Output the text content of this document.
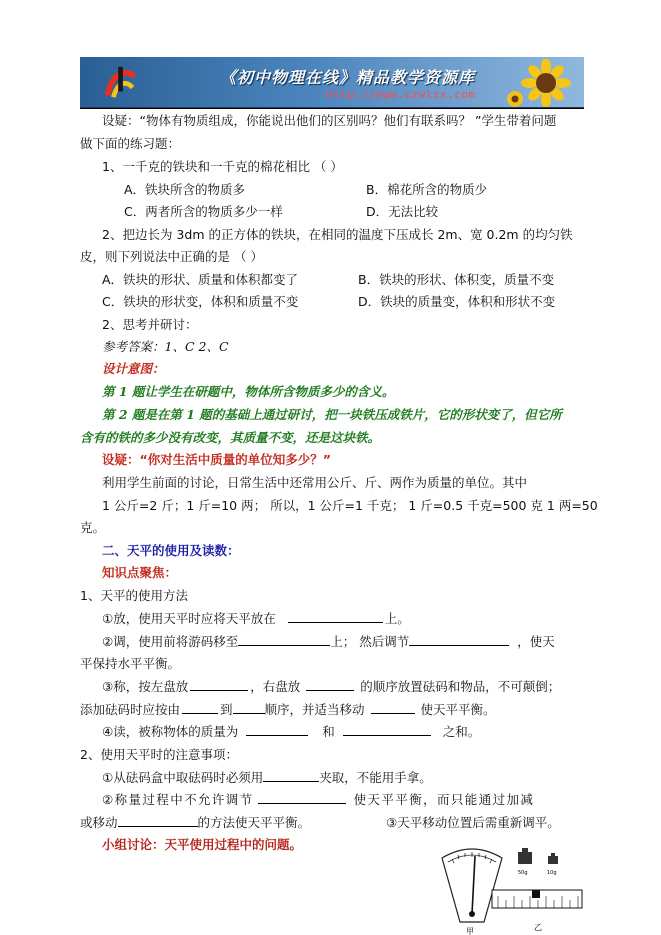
《初中物理在线》精品教学资源库
http://www.czwlzx.com
设疑：“物体有物质组成，你能说出他们的区别吗？他们有联系吗？ ”学生带着问题
做下面的练习题：
1、一千克的铁块和一千克的棉花相比 （ ）
A．铁块所含的物质多	B．棉花所含的物质少
C．两者所含的物质多少一样	D．无法比较
2、把边长为 3dm 的正方体的铁块，在相同的温度下压成长 2m、宽 0.2m 的均匀铁
皮，则下列说法中正确的是 （ ）
A．铁块的形状、质量和体积都变了	B．铁块的形状、体积变，质量不变
C．铁块的形状变，体积和质量不变	D．铁块的质量变，体积和形状不变
2、思考并研讨：
参考答案：1、C 2、C
设计意图：
第 1 题让学生在研题中，物体所含物质多少的含义。
第 2 题是在第 1 题的基础上通过研讨，把一块铁压成铁片，它的形状变了，但它所
含有的铁的多少没有改变，其质量不变，还是这块铁。
设疑：“你对生活中质量的单位知多少？”
利用学生前面的讨论，日常生活中还常用公斤、斤、两作为质量的单位。其中
1 公斤=2 斤；1 斤=10 两； 所以，1 公斤=1 千克； 1 斤=0.5 千克=500 克 1 两=50
克。
二、天平的使用及读数：
知识点聚焦：
1、天平的使用方法
①放，使用天平时应将天平放在	上。
②调，使用前将游码移至	上； 然后调节	，使天
平保持水平平衡。
③称，按左盘放	，右盘放	的顺序放置砝码和物品，不可颠倒；
添加砝码时应按由	到	顺序，并适当移动	使天平平衡。
④读，被称物体的质量为	和	之和。
2、使用天平时的注意事项：
①从砝码盒中取砝码时必须用	夹取，不能用手拿。
②称量过程中不允许调节	使天平平衡，而只能通过加减
或移动	的方法使天平平衡。	③天平移动位置后需重新调平。
小组讨论：天平使用过程中的问题。
甲
50g	10g
乙
